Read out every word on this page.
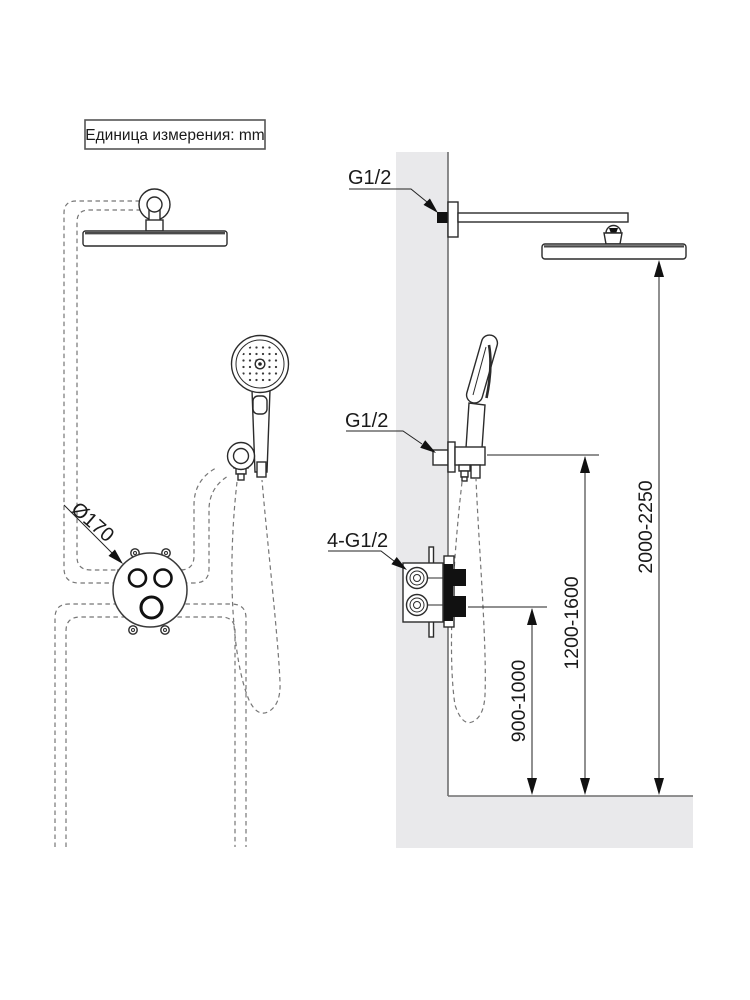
Ø170	2000-2250
1200-1600
900-1000
G1/2
G1/2
4-G1/2
Единица измерения: mm
